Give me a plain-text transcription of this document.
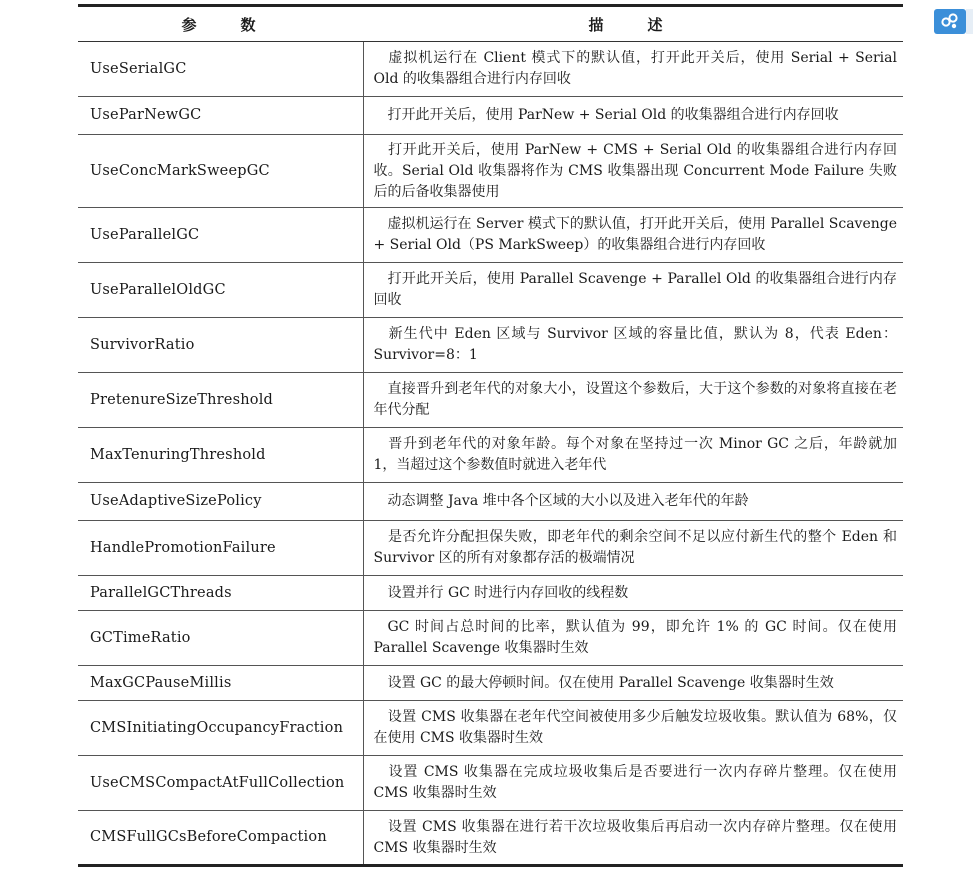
参数	描述
UseSerialGC	虚拟机运行在 Client 模式下的默认值，打开此开关后，使用 Serial + Serial Old 的收集器组合进行内存回收
UseParNewGC	打开此开关后，使用 ParNew + Serial Old 的收集器组合进行内存回收
UseConcMarkSweepGC	打开此开关后，使用 ParNew + CMS + Serial Old 的收集器组合进行内存回收。Serial Old 收集器将作为 CMS 收集器出现 Concurrent Mode Failure 失败后的后备收集器使用
UseParallelGC	虚拟机运行在 Server 模式下的默认值，打开此开关后，使用 Parallel Scavenge + Serial Old（PS MarkSweep）的收集器组合进行内存回收
UseParallelOldGC	打开此开关后，使用 Parallel Scavenge + Parallel Old 的收集器组合进行内存回收
SurvivorRatio	新生代中 Eden 区域与 Survivor 区域的容量比值，默认为 8，代表 Eden：Survivor=8：1
PretenureSizeThreshold	直接晋升到老年代的对象大小，设置这个参数后，大于这个参数的对象将直接在老年代分配
MaxTenuringThreshold	晋升到老年代的对象年龄。每个对象在坚持过一次 Minor GC 之后，年龄就加 1，当超过这个参数值时就进入老年代
UseAdaptiveSizePolicy	动态调整 Java 堆中各个区域的大小以及进入老年代的年龄
HandlePromotionFailure	是否允许分配担保失败，即老年代的剩余空间不足以应付新生代的整个 Eden 和 Survivor 区的所有对象都存活的极端情况
ParallelGCThreads	设置并行 GC 时进行内存回收的线程数
GCTimeRatio	GC 时间占总时间的比率，默认值为 99，即允许 1% 的 GC 时间。仅在使用 Parallel Scavenge 收集器时生效
MaxGCPauseMillis	设置 GC 的最大停顿时间。仅在使用 Parallel Scavenge 收集器时生效
CMSInitiatingOccupancyFraction	设置 CMS 收集器在老年代空间被使用多少后触发垃圾收集。默认值为 68%，仅在使用 CMS 收集器时生效
UseCMSCompactAtFullCollection	设置 CMS 收集器在完成垃圾收集后是否要进行一次内存碎片整理。仅在使用 CMS 收集器时生效
CMSFullGCsBeforeCompaction	设置 CMS 收集器在进行若干次垃圾收集后再启动一次内存碎片整理。仅在使用 CMS 收集器时生效
